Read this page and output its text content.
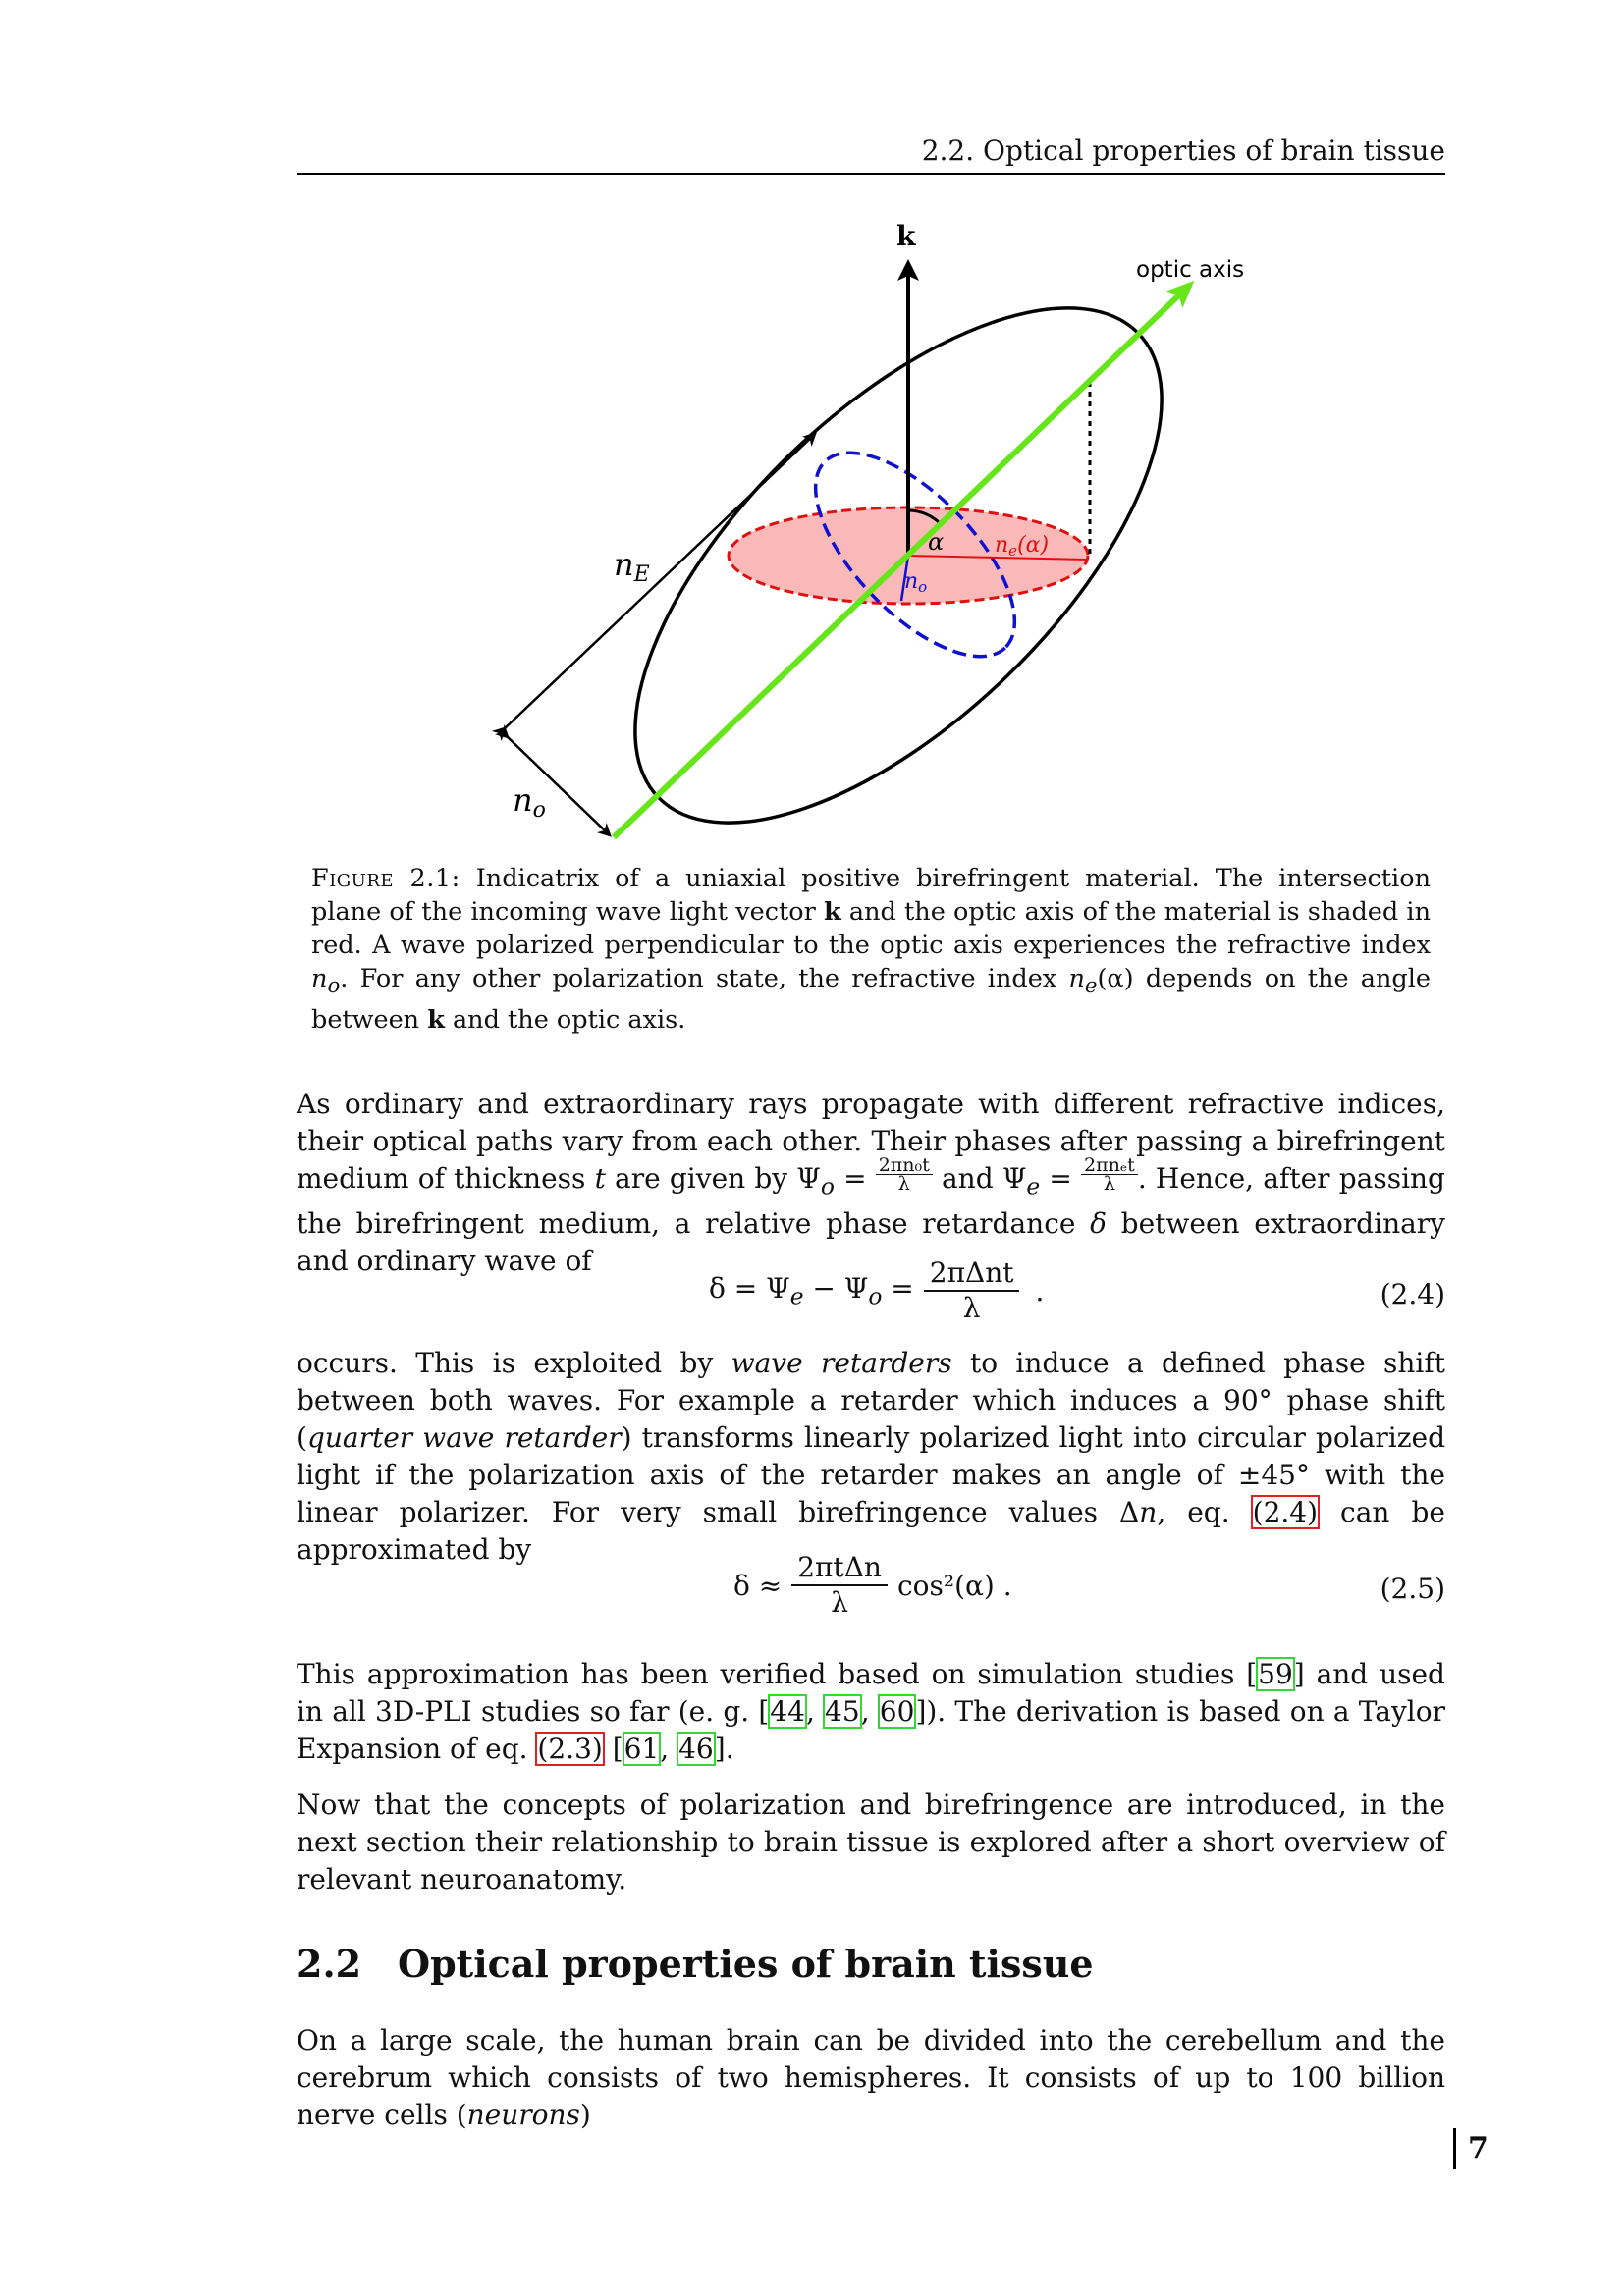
2.2. Optical properties of brain tissue
k
optic axis
nE
no
α ne(α)
no
Figure 2.1: Indicatrix of a uniaxial positive birefringent material. The intersection plane of the incoming wave light vector k and the optic axis of the material is shaded in red. A wave polarized perpendicular to the optic axis experiences the refractive index $n_o$. For any other polarization state, the refractive index $n_e(\alpha)$ depends on the angle between k and the optic axis.

As ordinary and extraordinary rays propagate with different refractive indices, their optical paths vary from each other. Their phases after passing a birefringent medium of thickness t are given by $\Psi_o = \frac{\text{2πn₀t}}{\lambda}$ and $\Psi_e = 2\pi n_et$
λ . Hence, after passing the birefringent medium, a relative phase retardance δ between extraordinary and ordinary wave of

$\delta = \Psi_e - \Psi_o = \frac{\text{2πΔnt}}{\lambda}$ .	(2.4)

occurs. This is exploited by wave retarders to induce a defined phase shift between both waves. For example a retarder which induces a 90° phase shift (quarter wave retarder) transforms linearly polarized light into circular polarized light if the polarization axis of the retarder makes an angle of ±45° with the linear polarizer. For very small birefringence values Δn, eq. (2.4) can be approximated by

$\delta \approx \frac{\text{2πtΔn}}{\lambda} \cos^2(\alpha)$ .	(2.5)

This approximation has been verified based on simulation studies [59] and used in all 3D-PLI studies so far (e. g. [44, 45, 60]). The derivation is based on a Taylor Expansion of eq. (2.3) [61, 46].

Now that the concepts of polarization and birefringence are introduced, in the next section their relationship to brain tissue is explored after a short overview of relevant neuroanatomy.

2.2 Optical properties of brain tissue

On a large scale, the human brain can be divided into the cerebellum and the cerebrum which consists of two hemispheres. It consists of up to 100 billion nerve cells (neurons)

7
